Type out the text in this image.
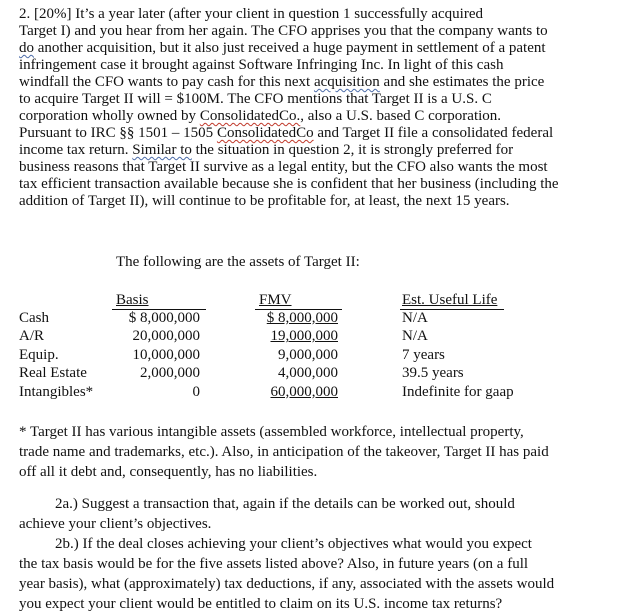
2. [20%] It’s a year later (after your client in question 1 successfully acquired
Target I) and you hear from her again. The CFO apprises you that the company wants to
do another acquisition, but it also just received a huge payment in settlement of a patent
infringement case it brought against Software Infringing Inc. In light of this cash
windfall the CFO wants to pay cash for this next acquisition and she estimates the price
to acquire Target II will = $100M. The CFO mentions that Target II is a U.S. C
corporation wholly owned by ConsolidatedCo., also a U.S. based C corporation.
Pursuant to IRC §§ 1501 – 1505 ConsolidatedCo and Target II file a consolidated federal
income tax return. Similar to the situation in question 2, it is strongly preferred for
business reasons that Target II survive as a legal entity, but the CFO also wants the most
tax efficient transaction available because she is confident that her business (including the
addition of Target II), will continue to be profitable for, at least, the next 15 years.
The following are the assets of Target II:
Cash
A/R
Equip.
Real Estate
Intangibles*
Basis
$ 8,000,000
20,000,000
10,000,000
2,000,000
0
FMV
$ 8,000,000
19,000,000
9,000,000
4,000,000
60,000,000
Est. Useful Life
N/A
N/A
7 years
39.5 years
Indefinite for gaap
* Target II has various intangible assets (assembled workforce, intellectual property,
trade name and trademarks, etc.). Also, in anticipation of the takeover, Target II has paid
off all it debt and, consequently, has no liabilities.
2a.) Suggest a transaction that, again if the details can be worked out, should
achieve your client’s objectives.
2b.) If the deal closes achieving your client’s objectives what would you expect
the tax basis would be for the five assets listed above? Also, in future years (on a full
year basis), what (approximately) tax deductions, if any, associated with the assets would
you expect your client would be entitled to claim on its U.S. income tax returns?
